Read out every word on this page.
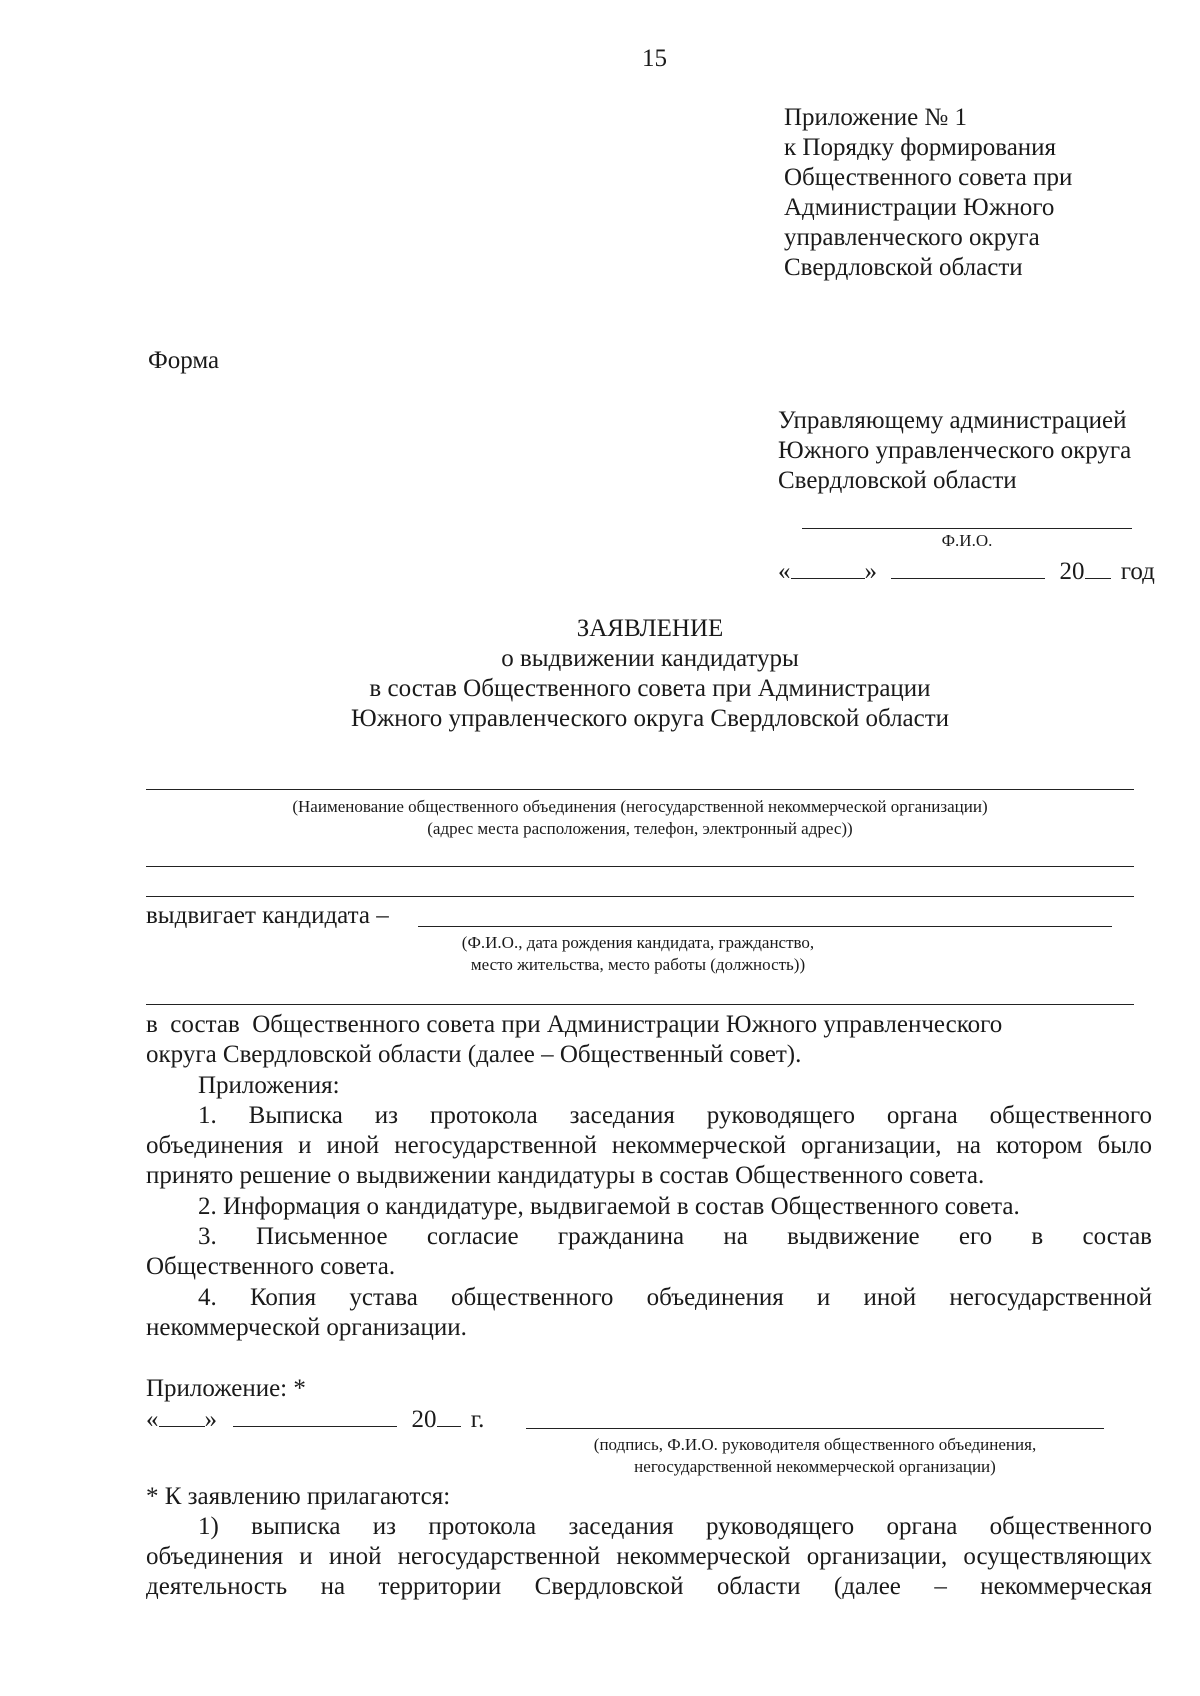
15
Приложение № 1
к Порядку формирования
Общественного совета при
Администрации Южного
управленческого округа
Свердловской области
Форма
Управляющему администрацией
Южного управленческого округа
Свердловской области
Ф.И.О.
«	»	20 год
ЗАЯВЛЕНИЕ
о выдвижении кандидатуры
в состав Общественного совета при Администрации
Южного управленческого округа Свердловской области
(Наименование общественного объединения (негосударственной некоммерческой организации)
(адрес места расположения, телефон, электронный адрес))
выдвигает кандидата –
(Ф.И.О., дата рождения кандидата, гражданство,
место жительства, место работы (должность))
в  состав  Общественного совета при Администрации Южного управленческого
округа Свердловской области (далее – Общественный совет).
Приложения:
1. Выписка из протокола заседания руководящего органа общественного
объединения и иной негосударственной некоммерческой организации, на котором было
принято решение о выдвижении кандидатуры в состав Общественного совета.
2. Информация о кандидатуре, выдвигаемой в состав Общественного совета.
3. Письменное согласие гражданина на выдвижение его в состав
Общественного совета.
4. Копия устава общественного объединения и иной негосударственной
некоммерческой организации.
Приложение: *
« »	20 г.
(подпись, Ф.И.О. руководителя общественного объединения,
негосударственной некоммерческой организации)
* К заявлению прилагаются:
1) выписка из протокола заседания руководящего органа общественного
объединения и иной негосударственной некоммерческой организации, осуществляющих
деятельность на территории Свердловской области (далее – некоммерческая
